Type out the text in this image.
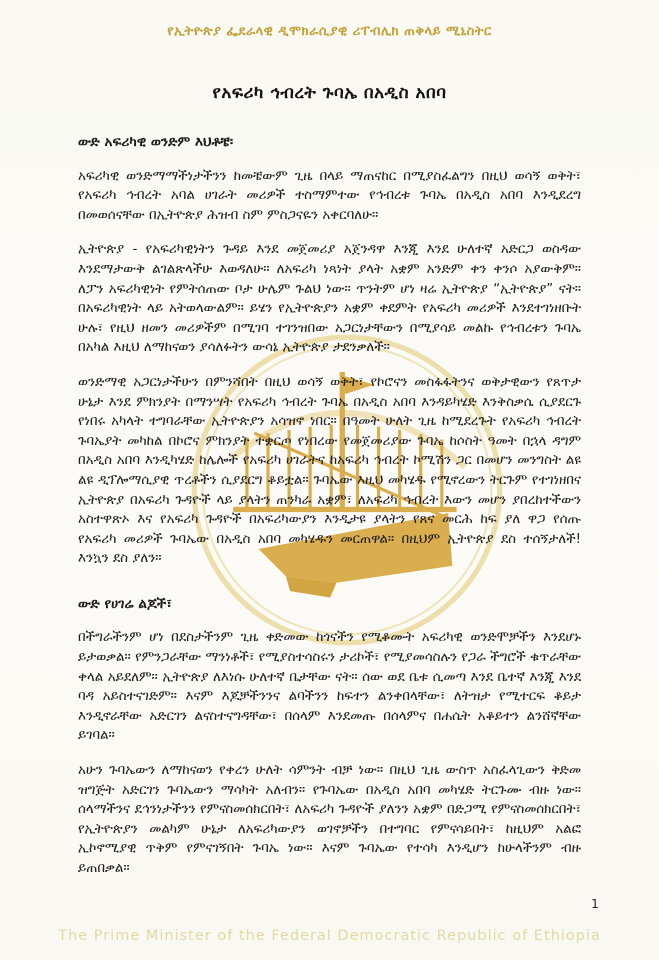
የኢትዮጵያ ፌደራላዊ ዲሞክራሲያዊ ሪፐብሊክ ጠቅላይ ሚኒስትር
የአፍሪካ ኅብረት ጉባኤ በአዲስ አበባ
ውድ አፍሪካዊ ወንድም እህቶቼ፡

አፍሪካዊ ወንድማማችነታችንን ከመቼውም ጊዜ በላይ ማጠናከር በሚያስፈልግን በዚህ ወሳኝ ወቅት፣ የአፍሪካ ኅብረት አባል ሀገራት መሪዎች ተስማምተው የኅብረቱ ጉባኤ በአዲስ አበባ እንዲደረግ በመወሰናቸው በኢትዮጵያ ሕዝብ ስም ምስጋናዬን አቀርባለሁ።

ኢትዮጵያ - የአፍሪካዊነትን ጉዳይ እንደ መጀመሪያ አጀንዳዋ እንጂ እንደ ሁለተኛ አድርጋ ወስዳው እንደማታውቅ ልገልጽላችሁ እወዳለሁ። ለአፍሪካ ነጻነት ያላት አቋም አንድም ቀን ቀንሶ አያውቅም። ለፓን አፍሪካዊነት የምትሰጠው ቦታ ሁሌም ጉልህ ነው። ጥንትም ሆነ ዛሬ ኢትዮጵያ “ኢትዮጵያ” ናት። በአፍሪካዊነት ላይ አትወላውልም። ይሄን የኢትዮጵያን አቋም ቀደምት የአፍሪካ መሪዎች እንደተገነዘቡት ሁሉ፣ የዚህ ዘመን መሪዎችም በሚገባ ተገንዝበው አጋርነታቸውን በሚያሳይ መልኩ የኅብረቱን ጉባኤ በአካል እዚህ ለማከናወን ያሳለፉትን ውሳኔ ኢትዮጵያ ታደንቃለች።

ወንድማዊ አጋርነታችሁን በምንሻበት በዚህ ወሳኝ ወቅት፣ የኮሮናን መስፋፋትንና ወቅታዊውን የጸጥታ ሁኔታ እንደ ምክንያት በማንሣት የአፍሪካ ኅብረት ጉባኤ በአዲስ አበባ እንዳይካሄድ እንቅስቃሴ ሲያደርጉ የነበሩ አካላት ተግባራቸው ኢትዮጵያን አሳዝኖ ነበር። በዓመት ሁለት ጊዜ ከሚደረጉት የአፍሪካ ኅብረት ጉባኤያት መካከል በኮሮና ምክንያት ተቋርጦ የነበረው የመጀመሪያው ጉባኤ ከሶስት ዓመት በኋላ ዳግም በአዲስ አበባ እንዲካሄድ ከሌሎች የአፍሪካ ሀገራትና ከአፍሪካ ኅብረት ኮሚሽን ጋር በመሆን መንግስት ልዩ ልዩ ዲፕሎማሲያዊ ጥረቶችን ሲያደርግ ቆይቷል። ጉባኤው እዚህ መካሄዱ የሚኖረውን ትርጉም የተገነዘበና ኢትዮጵያ በአፍሪካ ጉዳዮች ላይ ያላትን ጠንካራ አቋም፣ ለአፍሪካ ኅብረት እውን መሆን ያበረከተችውን አስተዋጽኦ እና የአፍሪካ ጉዳዮች በአፍሪካውያን እንዲታዩ ያላትን የጸና መርሕ ከፍ ያለ ዋጋ የሰጡ የአፍሪካ መሪዎች ጉባኤው በአዲስ አበባ መካሄዱን መርጠዋል። በዚህም ኢትዮጵያ ደስ ተሰኝታለች! እንኳን ደስ ያለን።

ውድ የሀገሬ ልጆች፣

በችግራችንም ሆነ በደስታችንም ጊዜ ቀድመው ከጎናችን የሚቆሙት አፍሪካዊ ወንድሞቻችን እንደሆኑ ይታወቃል። የምንጋራቸው ማንነቶች፣ የሚያስተሳስሩን ታሪኮች፣ የሚያመሳስሉን የጋራ ችግሮች ቁጥራቸው ቀላል አይደለም። ኢትዮጵያ ለእነሱ ሁለተኛ ቤታቸው ናት። ሰው ወደ ቤቱ ሲመጣ እንደ ቤተኛ እንጂ እንደ ባዳ አይስተናገድም። እናም እጆቻችንንና ልባችንን ከፍተን ልንቀበላቸው፣ ለትዝታ የሚተርፍ ቆይታ እንዲኖራቸው አድርገን ልናስተናግዳቸው፣ በሰላም እንደመጡ በሰላምና በሐሴት አቆይተን ልንሸኛቸው ይገባል።

አሁን ጉባኤውን ለማከናወን የቀረን ሁለት ሳምንት ብቻ ነው። በዚህ ጊዜ ውስጥ አስፈላጊውን ቅድመ ዝግጅት አድርገን ጉባኤውን ማሳካት አለብን። የጉባኤው በአዲስ አበባ መካሄድ ትርጉሙ ብዙ ነው። ሰላማችንና ደኅንነታችንን የምናስመሰክርበት፣ ለአፍሪካ ጉዳዮች ያለንን አቋም በድጋሚ የምናስመሰክርበት፣ የኢትዮጵያን መልካም ሁኔታ ለአፍሪካውያን ወገኖቻችን በተግባር የምናሳይበት፣ ከዚህም አልፎ ኢኮኖሚያዊ ጥቅም የምናገኝበት ጉባኤ ነው። እናም ጉባኤው የተሳካ እንዲሆን ከሁላችንም ብዙ ይጠበቃል።

1
The Prime Minister of the Federal Democratic Republic of Ethiopia
